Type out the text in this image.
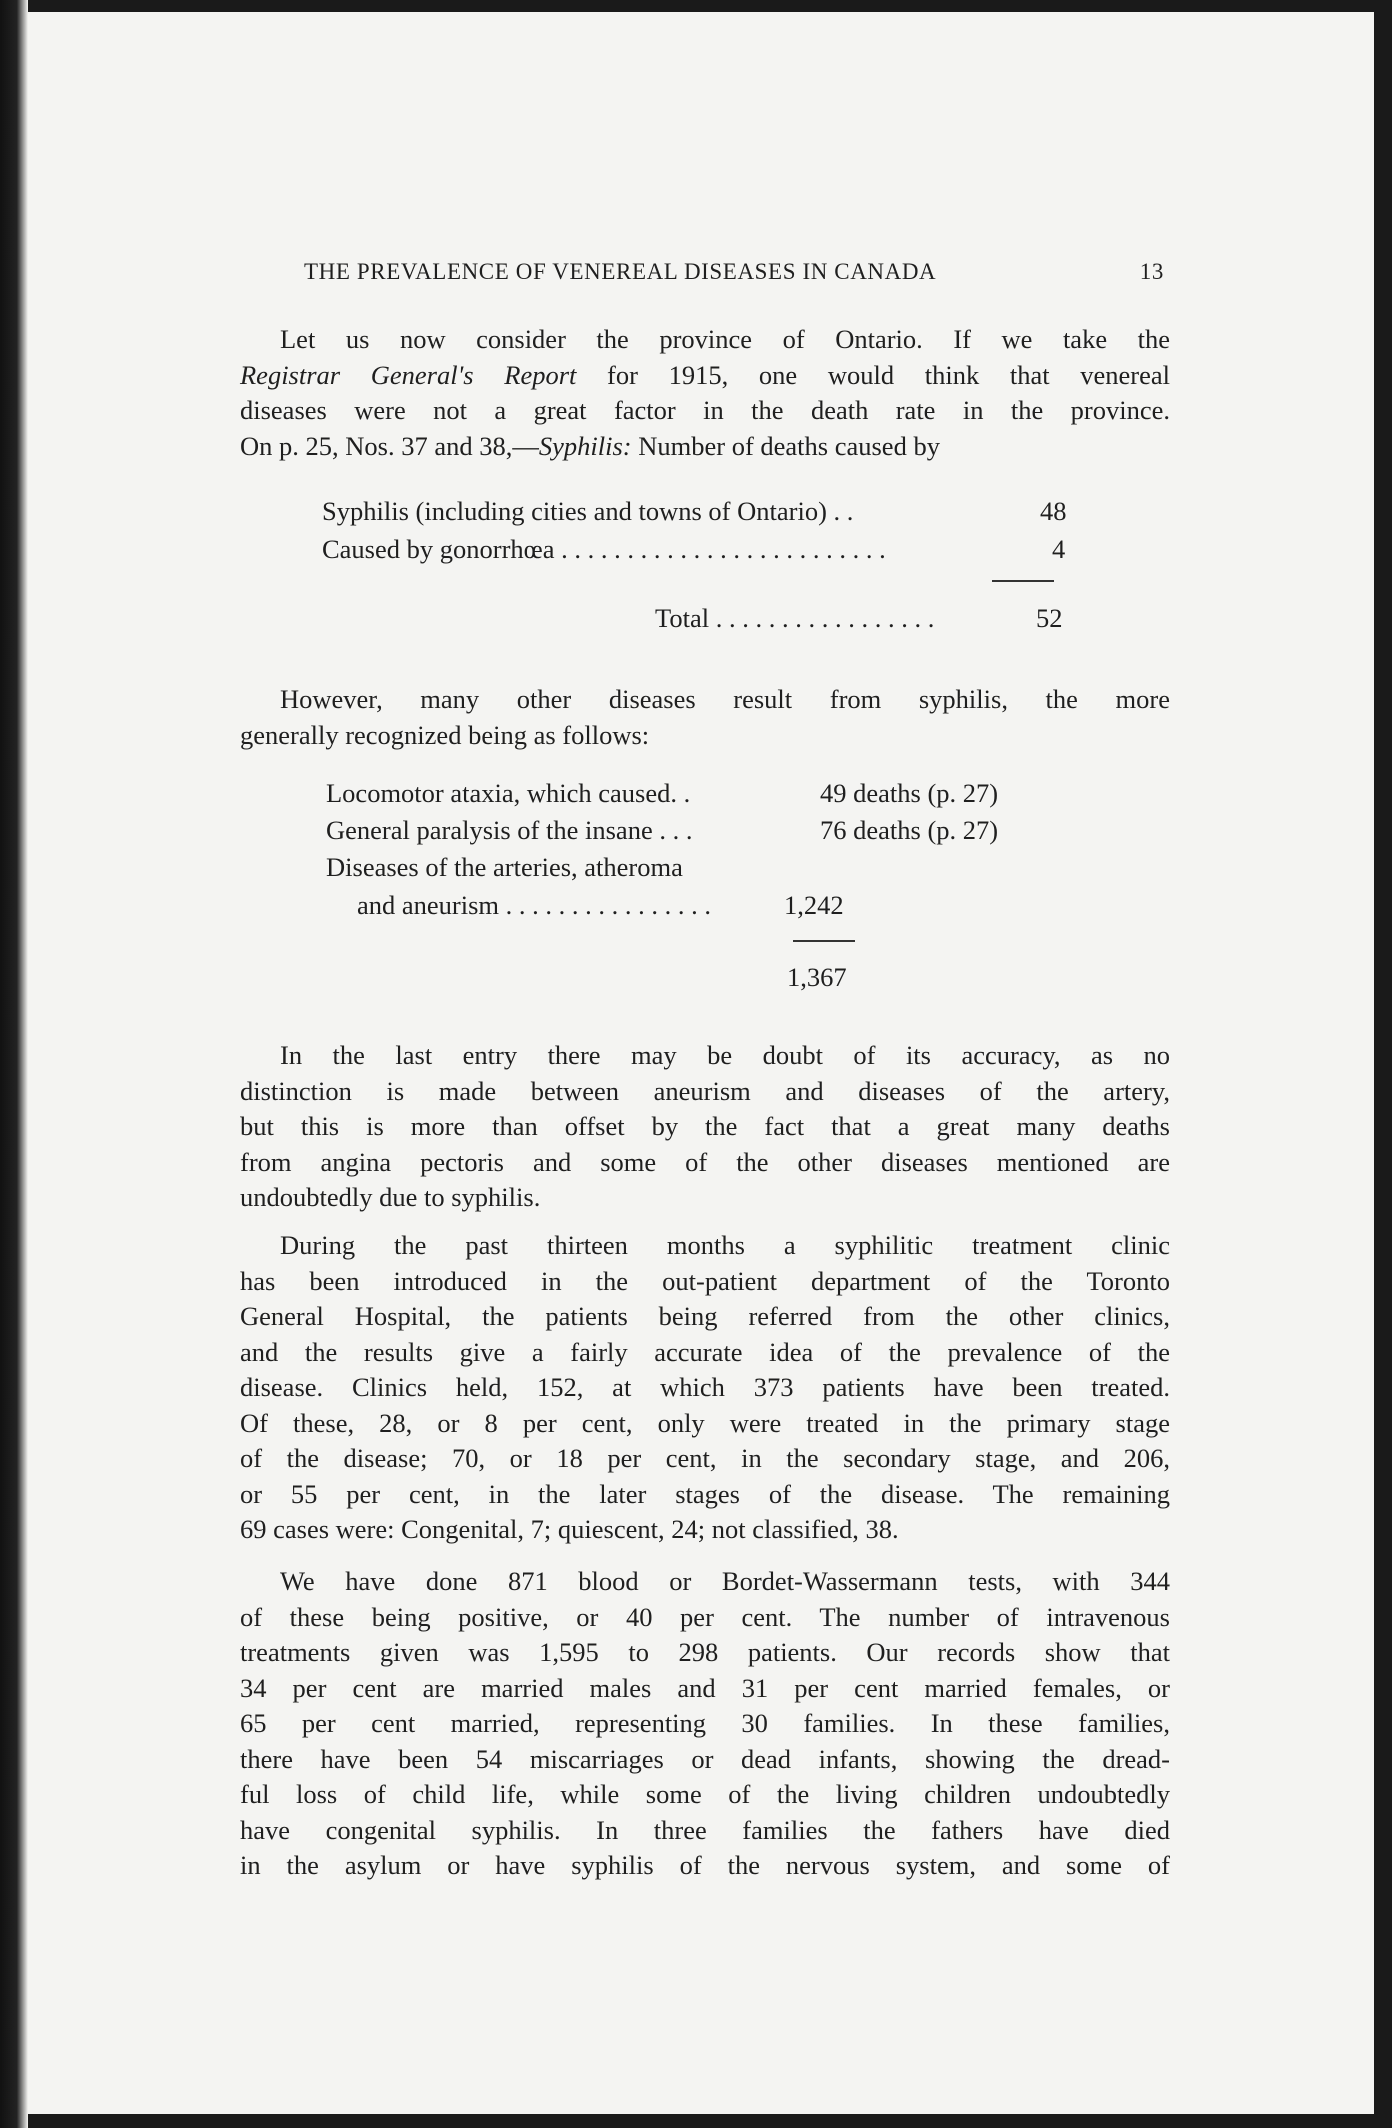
THE PREVALENCE OF VENEREAL DISEASES IN CANADA	13
Let us now consider the province of Ontario. If we take the
Registrar General's Report for 1915, one would think that venereal
diseases were not a great factor in the death rate in the province.
On p. 25, Nos. 37 and 38,—Syphilis: Number of deaths caused by
Syphilis (including cities and towns of Ontario) . .	48
Caused by gonorrhœa . . . . . . . . . . . . . . . . . . . . . . . . .	4
Total . . . . . . . . . . . . . . . . .	52
However, many other diseases result from syphilis, the more
generally recognized being as follows:
Locomotor ataxia, which caused. .	49 deaths (p. 27)
General paralysis of the insane . . .	76 deaths (p. 27)
Diseases of the arteries, atheroma
and aneurism . . . . . . . . . . . . . . . .	1,242
1,367
In the last entry there may be doubt of its accuracy, as no
distinction is made between aneurism and diseases of the artery,
but this is more than offset by the fact that a great many deaths
from angina pectoris and some of the other diseases mentioned are
undoubtedly due to syphilis.
During the past thirteen months a syphilitic treatment clinic
has been introduced in the out-patient department of the Toronto
General Hospital, the patients being referred from the other clinics,
and the results give a fairly accurate idea of the prevalence of the
disease. Clinics held, 152, at which 373 patients have been treated.
Of these, 28, or 8 per cent, only were treated in the primary stage
of the disease; 70, or 18 per cent, in the secondary stage, and 206,
or 55 per cent, in the later stages of the disease. The remaining
69 cases were: Congenital, 7; quiescent, 24; not classified, 38.
We have done 871 blood or Bordet-Wassermann tests, with 344
of these being positive, or 40 per cent. The number of intravenous
treatments given was 1,595 to 298 patients. Our records show that
34 per cent are married males and 31 per cent married females, or
65 per cent married, representing 30 families. In these families,
there have been 54 miscarriages or dead infants, showing the dread-
ful loss of child life, while some of the living children undoubtedly
have congenital syphilis. In three families the fathers have died
in the asylum or have syphilis of the nervous system, and some of
